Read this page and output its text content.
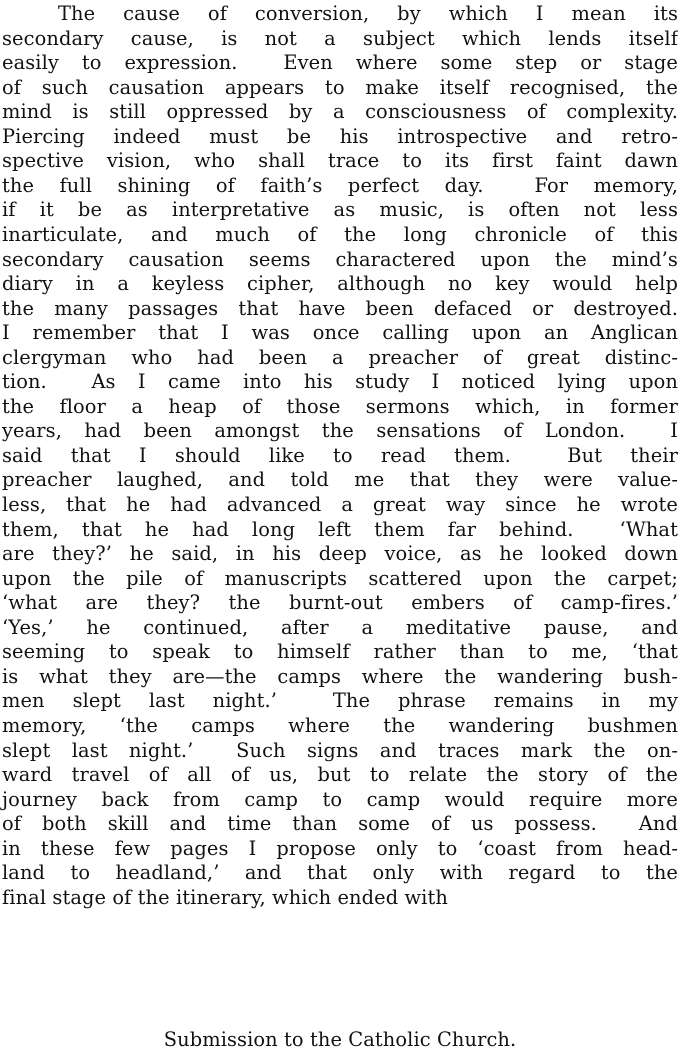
The cause of conversion, by which I mean its
secondary cause, is not a subject which lends itself
easily to expression.  Even where some step or stage
of such causation appears to make itself recognised, the
mind is still oppressed by a consciousness of complexity.
Piercing indeed must be his introspective and retro-
spective vision, who shall trace to its first faint dawn
the full shining of faith’s perfect day.  For memory,
if it be as interpretative as music, is often not less
inarticulate, and much of the long chronicle of this
secondary causation seems charactered upon the mind’s
diary in a keyless cipher, although no key would help
the many passages that have been defaced or destroyed.
I remember that I was once calling upon an Anglican
clergyman who had been a preacher of great distinc-
tion.  As I came into his study I noticed lying upon
the floor a heap of those sermons which, in former
years, had been amongst the sensations of London.  I
said that I should like to read them.  But their
preacher laughed, and told me that they were value-
less, that he had advanced a great way since he wrote
them, that he had long left them far behind.  ‘What
are they?’ he said, in his deep voice, as he looked down
upon the pile of manuscripts scattered upon the carpet;
‘what are they? the burnt-out embers of camp-fires.’
‘Yes,’ he continued, after a meditative pause, and
seeming to speak to himself rather than to me, ‘that
is what they are—the camps where the wandering bush-
men slept last night.’  The phrase remains in my
memory, ‘the camps where the wandering bushmen
slept last night.’  Such signs and traces mark the on-
ward travel of all of us, but to relate the story of the
journey back from camp to camp would require more
of both skill and time than some of us possess.  And
in these few pages I propose only to ‘coast from head-
land to headland,’ and that only with regard to the
final stage of the itinerary, which ended with
Submission to the Catholic Church.
